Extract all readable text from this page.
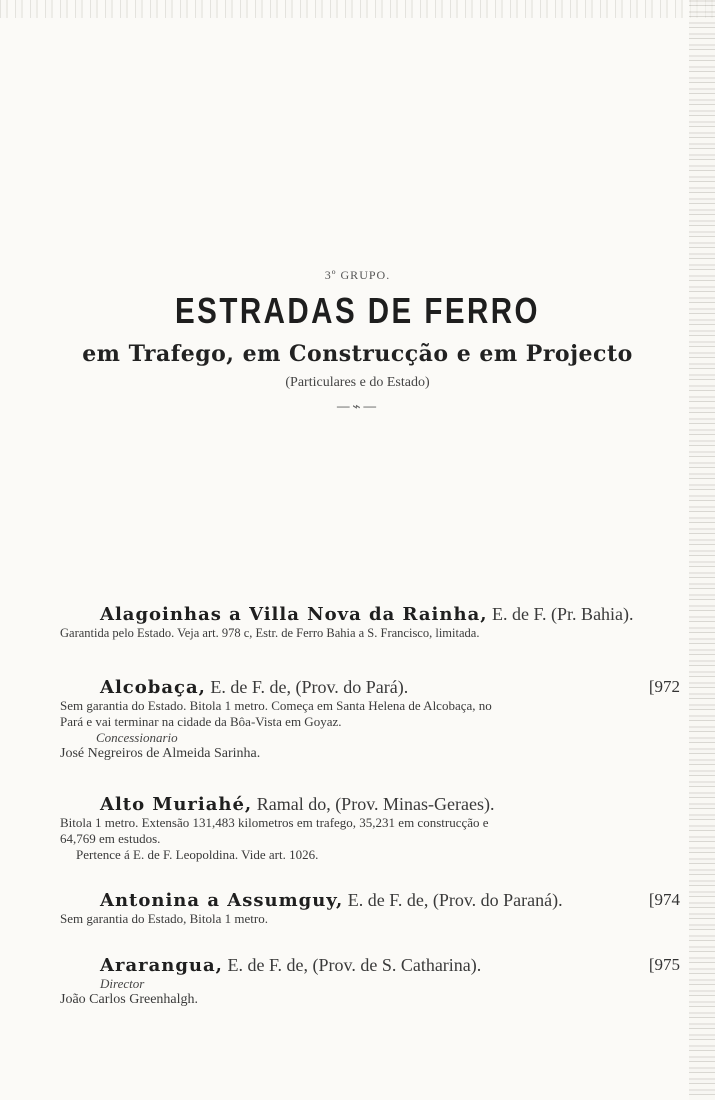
3º GRUPO.
ESTRADAS DE FERRO
em Trafego, em Construcção e em Projecto
(Particulares e do Estado)
—⌁—
Alagoinhas a Villa Nova da Rainha, E. de F. (Pr. Bahia).
Garantida pelo Estado. Veja art. 978 c, Estr. de Ferro Bahia a S. Francisco, limitada.
Alcobaça, E. de F. de, (Prov. do Pará).	[972
Sem garantia do Estado. Bitola 1 metro. Começa em Santa Helena de Alcobaça, no
Pará e vai terminar na cidade da Bôa-Vista em Goyaz.
Concessionario
José Negreiros de Almeida Sarinha.
Alto Muriahé, Ramal do, (Prov. Minas-Geraes).
Bitola 1 metro. Extensão 131,483 kilometros em trafego, 35,231 em construcção e
64,769 em estudos.
Pertence á E. de F. Leopoldina. Vide art. 1026.
Antonina a Assumguy, E. de F. de, (Prov. do Paraná).	[974
Sem garantia do Estado, Bitola 1 metro.
Ararangua, E. de F. de, (Prov. de S. Catharina).	[975
Director
João Carlos Greenhalgh.
